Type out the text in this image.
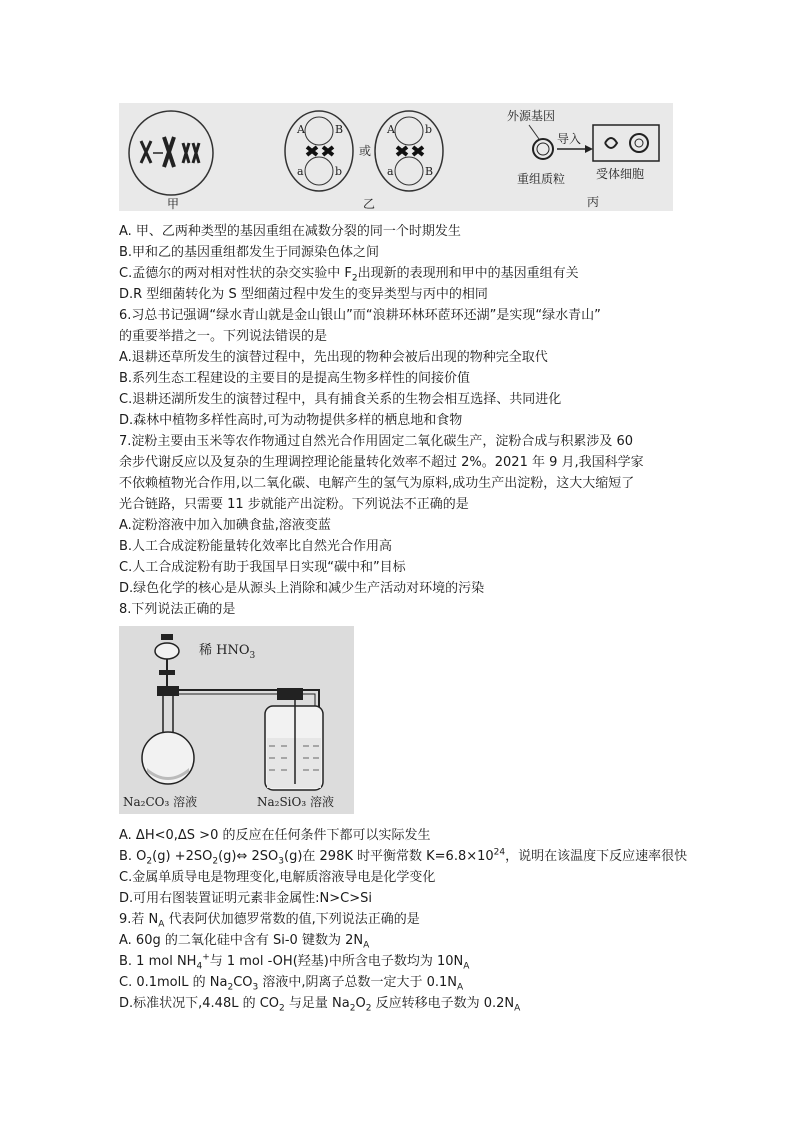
甲
A	B
a	b
或
A	b
a	B
乙
外源基因
导入
受体细胞
重组质粒
丙
A. 甲、乙两种类型的基因重组在减数分裂的同一个时期发生
B.甲和乙的基因重组都发生于同源染色体之间
C.孟德尔的两对相对性状的杂交实验中 $F_2$出现新的表现刑和甲中的基因重组有关
D.R 型细菌转化为 S 型细菌过程中发生的变异类型与丙中的相同
6.习总书记强调“绿水青山就是金山银山”而“浪耕环林环茝环还湖”是实现“绿水青山”
的重要举措之一。下列说法错误的是
A.退耕还草所发生的演替过程中，先出现的物种会被后出现的物种完全取代
B.系列生态工程建设的主要目的是提高生物多样性的间接价值
C.退耕还湖所发生的演替过程中，具有捕食关系的生物会相互选择、共同进化
D.森林中植物多样性高时,可为动物提供多样的栖息地和食物
7.淀粉主要由玉米等农作物通过自然光合作用固定二氧化碳生产，淀粉合成与积累涉及 60
余步代谢反应以及复杂的生理调控理论能量转化效率不超过 2%。2021 年 9 月,我国科学家
不依赖植物光合作用,以二氧化碳、电解产生的氢气为原料,成功生产出淀粉，这大大缩短了
光合链路，只需要 11 步就能产出淀粉。下列说法不正确的是
A.淀粉溶液中加入加碘食盐,溶液变蓝
B.人工合成淀粉能量转化效率比自然光合作用高
C.人工合成淀粉有助于我国早日实现“碳中和”目标
D.绿色化学的核心是从源头上消除和减少生产活动对环境的污染
8.下列说法正确的是
稀 $HNO_3$
Na₂CO₃ 溶液	Na₂SiO₃ 溶液
A. ΔH<0,ΔS >0 的反应在任何条件下都可以实际发生
B. $O_2(g)$ $+2SO_2(g)\Leftrightarrow$ $2SO_3(g)$在 298K 时平衡常数 $K=6.8\times 10^{24}$，说明在该温度下反应速率很快
C.金属单质导电是物理变化,电解质溶液导电是化学变化
D.可用右图装置证明元素非金属性:N>C>Si
9.若 $N_A$ 代表阿伏加德罗常数的值,下列说法正确的是
A. 60g 的二氧化硅中含有 Si-0 键数为 $2N_A$
B. 1 mol $NH_4^+$与 1 mol -OH(羟基)中所含电子数均为 $10N_A$
C. 0.1molL 的 $Na_2CO_3$ 溶液中,阴离子总数一定大于 $0.1N_A$
D.标准状况下,4.48L 的 $CO_2$ 与足量 $Na_2O_2$ 反应转移电子数为 $0.2N_A$
